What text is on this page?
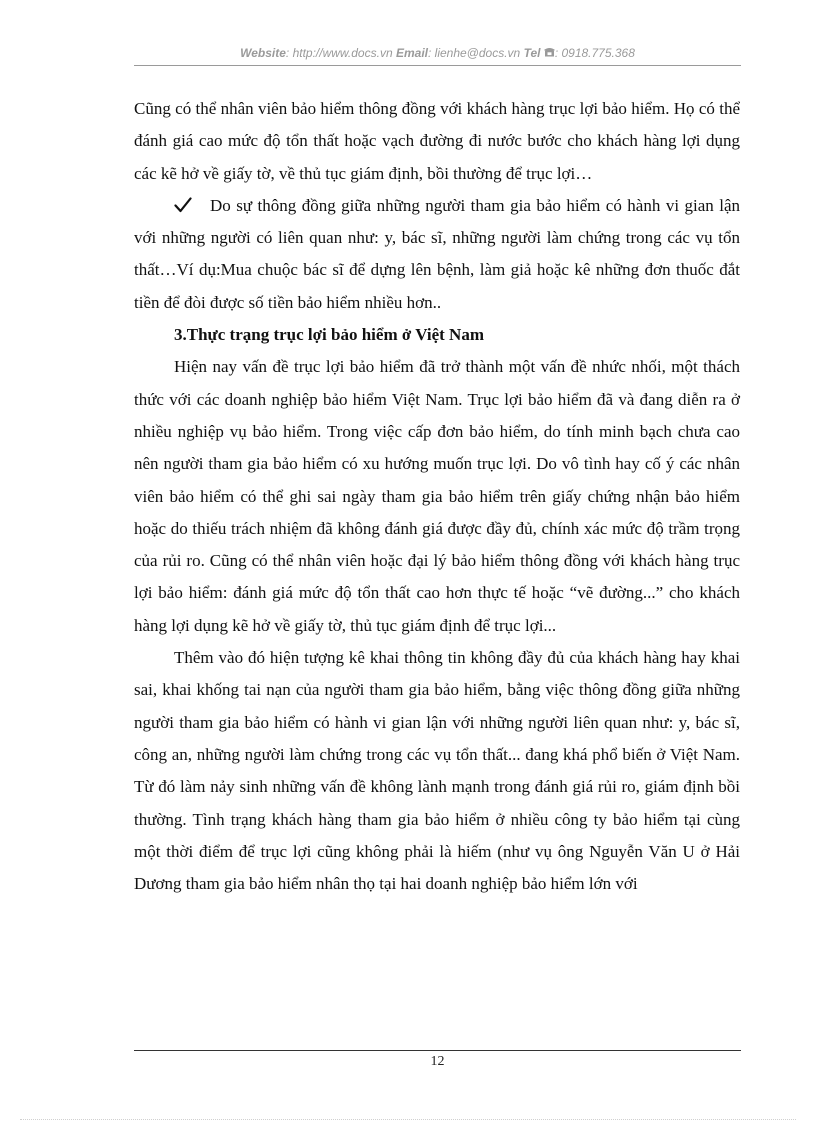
Website: http://www.docs.vn Email: lienhe@docs.vn Tel : 0918.775.368

Cũng có thể nhân viên bảo hiểm thông đồng với khách hàng trục lợi bảo hiểm. Họ có thể đánh giá cao mức độ tổn thất hoặc vạch đường đi nước bước cho khách hàng lợi dụng các kẽ hở về giấy tờ, về thủ tục giám định, bồi thường để trục lợi…

Do sự thông đồng giữa những người tham gia bảo hiểm có hành vi gian lận với những người có liên quan như: y, bác sĩ, những người làm chứng trong các vụ tổn thất…Ví dụ:Mua chuộc bác sĩ để dựng lên bệnh, làm giả hoặc kê những đơn thuốc đắt tiền để đòi được số tiền bảo hiểm nhiều hơn..

3.Thực trạng trục lợi bảo hiểm ở Việt Nam

Hiện nay vấn đề trục lợi bảo hiểm đã trở thành một vấn đề nhức nhối, một thách thức với các doanh nghiệp bảo hiểm Việt Nam. Trục lợi bảo hiểm đã và đang diễn ra ở nhiều nghiệp vụ bảo hiểm. Trong việc cấp đơn bảo hiểm, do tính minh bạch chưa cao nên người tham gia bảo hiểm có xu hướng muốn trục lợi. Do vô tình hay cố ý các nhân viên bảo hiểm có thể ghi sai ngày tham gia bảo hiểm trên giấy chứng nhận bảo hiểm hoặc do thiếu trách nhiệm đã không đánh giá được đầy đủ, chính xác mức độ trầm trọng của rủi ro. Cũng có thể nhân viên hoặc đại lý bảo hiểm thông đồng với khách hàng trục lợi bảo hiểm: đánh giá mức độ tổn thất cao hơn thực tế hoặc “vẽ đường...” cho khách hàng lợi dụng kẽ hở về giấy tờ, thủ tục giám định để trục lợi...

Thêm vào đó hiện tượng kê khai thông tin không đầy đủ của khách hàng hay khai sai, khai khống tai nạn của người tham gia bảo hiểm, bằng việc thông đồng giữa những người tham gia bảo hiểm có hành vi gian lận với những người liên quan như: y, bác sĩ, công an, những người làm chứng trong các vụ tổn thất... đang khá phổ biến ở Việt Nam. Từ đó làm nảy sinh những vấn đề không lành mạnh trong đánh giá rủi ro, giám định bồi thường. Tình trạng khách hàng tham gia bảo hiểm ở nhiều công ty bảo hiểm tại cùng một thời điểm để trục lợi cũng không phải là hiếm (như vụ ông Nguyễn Văn U ở Hải Dương tham gia bảo hiểm nhân thọ tại hai doanh nghiệp bảo hiểm lớn với

12
